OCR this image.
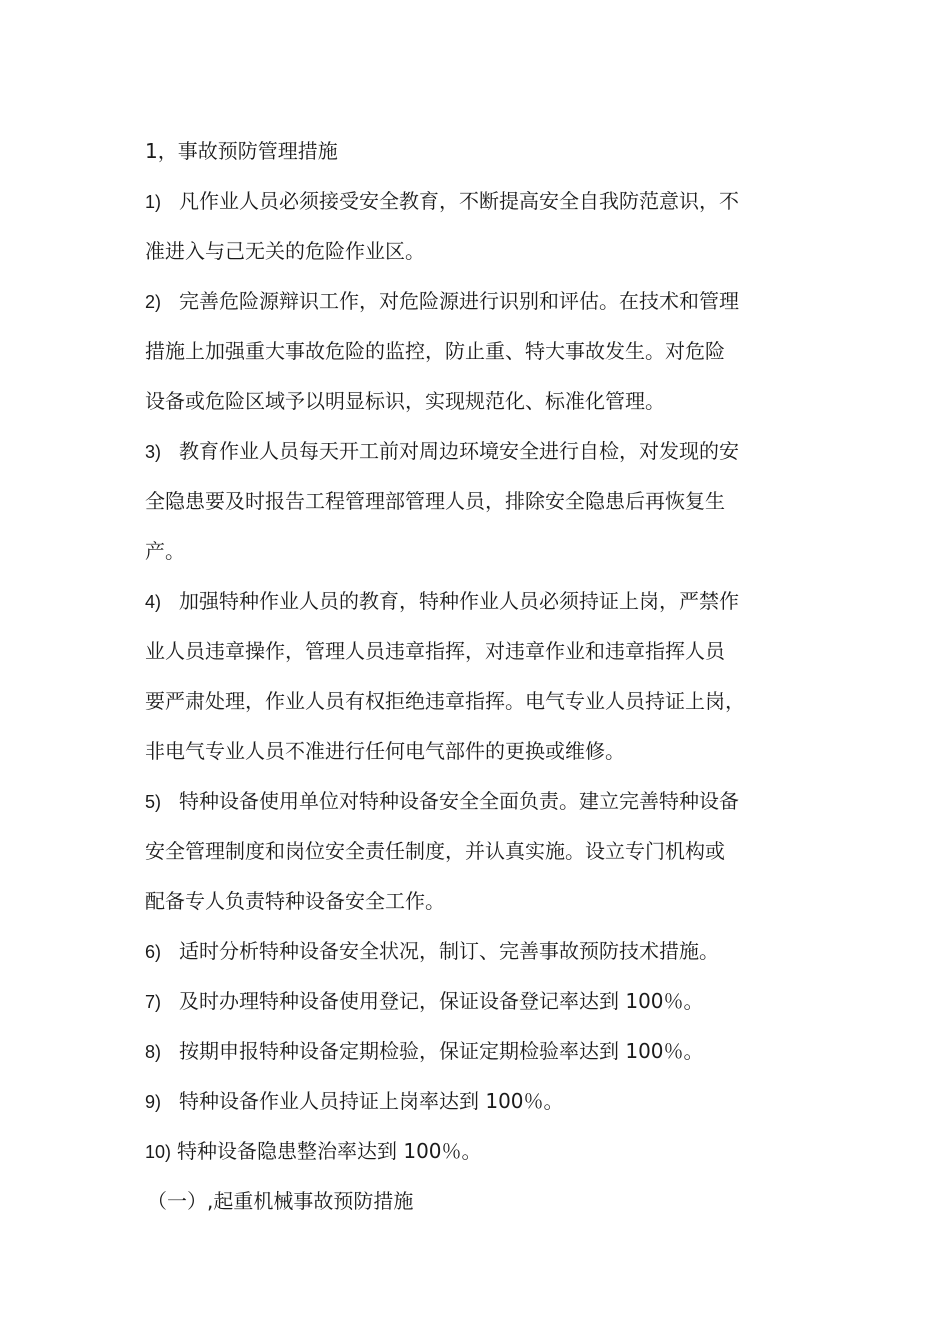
1，事故预防管理措施
1) 凡作业人员必须接受安全教育，不断提高安全自我防范意识，不
准进入与己无关的危险作业区。
2) 完善危险源辩识工作，对危险源进行识别和评估。在技术和管理
措施上加强重大事故危险的监控，防止重、特大事故发生。对危险
设备或危险区域予以明显标识，实现规范化、标准化管理。
3) 教育作业人员每天开工前对周边环境安全进行自检，对发现的安
全隐患要及时报告工程管理部管理人员，排除安全隐患后再恢复生
产。
4) 加强特种作业人员的教育，特种作业人员必须持证上岗，严禁作
业人员违章操作，管理人员违章指挥，对违章作业和违章指挥人员
要严肃处理，作业人员有权拒绝违章指挥。电气专业人员持证上岗，
非电气专业人员不准进行任何电气部件的更换或维修。
5) 特种设备使用单位对特种设备安全全面负责。建立完善特种设备
安全管理制度和岗位安全责任制度，并认真实施。设立专门机构或
配备专人负责特种设备安全工作。
6) 适时分析特种设备安全状况，制订、完善事故预防技术措施。
7) 及时办理特种设备使用登记，保证设备登记率达到 100％。
8) 按期申报特种设备定期检验，保证定期检验率达到 100％。
9) 特种设备作业人员持证上岗率达到 100％。
10) 特种设备隐患整治率达到 100％。
（一）,起重机械事故预防措施
